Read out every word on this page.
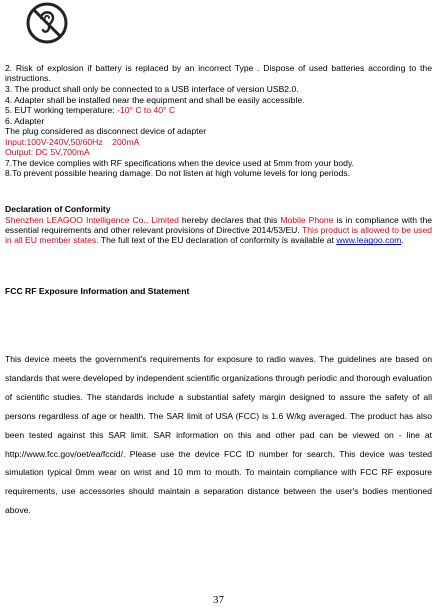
2. Risk of explosion if battery is replaced by an incorrect Type . Dispose of used batteries according to the instructions.
3. The product shall only be connected to a USB interface of version USB2.0.
4. Adapter shall be installed near the equipment and shall be easily accessible.
5. EUT working temperature: -10° C to 40° C
6. Adapter
The plug considered as disconnect device of adapter
Input:100V-240V,50/60Hz    200mA
Output: DC 5V,700mA
7.The device complies with RF specifications when the device used at 5mm from your body.
8.To prevent possible hearing damage. Do not listen at high volume levels for long periods.
Declaration of Conformity
Shenzhen LEAGOO Intelligence Co., Limited hereby declares that this Mobile Phone is in compliance with the essential requirements and other relevant provisions of Directive 2014/53/EU. This product is allowed to be used in all EU member states. The full text of the EU declaration of conformity is available at www.leagoo.com.
FCC RF Exposure Information and Statement
This device meets the government's requirements for exposure to radio waves. The guidelines are based on standards that were developed by independent scientific organizations through periodic and thorough evaluation of scientific studies. The standards include a substantial safety margin designed to assure the safety of all persons regardless of age or health. The SAR limit of USA (FCC) is 1.6 W/kg averaged. The product has also been tested against this SAR limit. SAR information on this and other pad can be viewed on ‐ line at http://www.fcc.gov/oet/ea/fccid/. Please use the device FCC ID number for search. This device was tested simulation typical 0mm wear on wrist and 10 mm to mouth. To maintain compliance with FCC RF exposure requirements, use accessories should maintain a separation distance between the user's bodies mentioned above.
37
